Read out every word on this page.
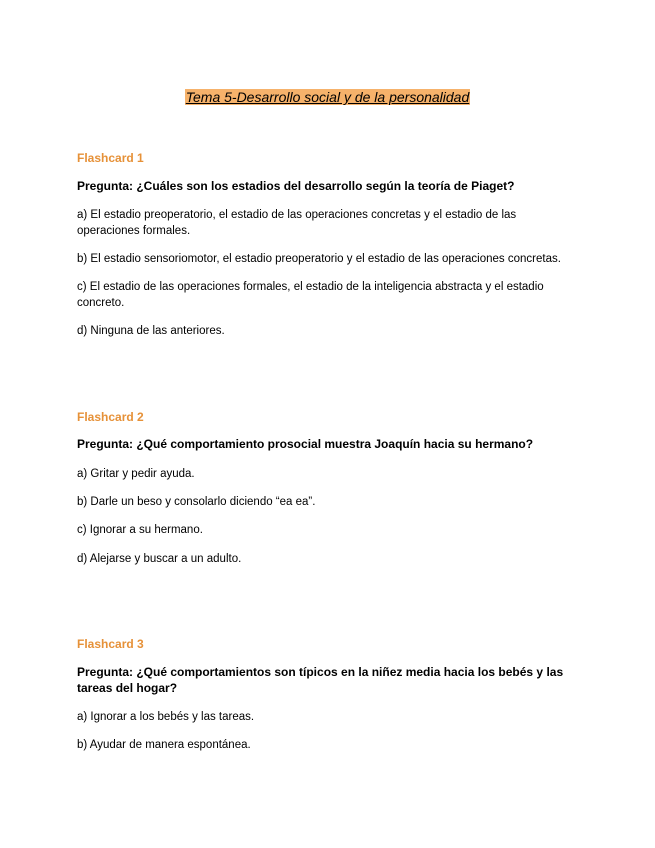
Tema 5-Desarrollo social y de la personalidad
Flashcard 1
Pregunta: ¿Cuáles son los estadios del desarrollo según la teoría de Piaget?
a) El estadio preoperatorio, el estadio de las operaciones concretas y el estadio de las operaciones formales.
b) El estadio sensoriomotor, el estadio preoperatorio y el estadio de las operaciones concretas.
c) El estadio de las operaciones formales, el estadio de la inteligencia abstracta y el estadio concreto.
d) Ninguna de las anteriores.
Flashcard 2
Pregunta: ¿Qué comportamiento prosocial muestra Joaquín hacia su hermano?
a) Gritar y pedir ayuda.
b) Darle un beso y consolarlo diciendo “ea ea”.
c) Ignorar a su hermano.
d) Alejarse y buscar a un adulto.
Flashcard 3
Pregunta: ¿Qué comportamientos son típicos en la niñez media hacia los bebés y las tareas del hogar?
a) Ignorar a los bebés y las tareas.
b) Ayudar de manera espontánea.
